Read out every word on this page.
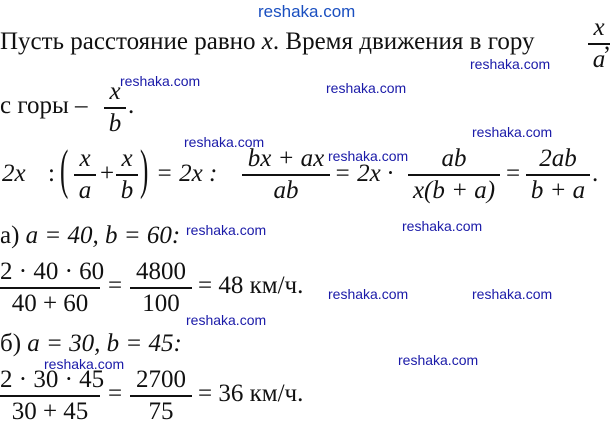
reshaka.com
reshaka.com
reshaka.com	reshaka.com
reshaka.com
reshaka.com
reshaka.com
reshaka.com
reshaka.com
reshaka.com	reshaka.com
reshaka.com
reshaka.com
reshaka.com
Пусть расстояние равно x. Время движения в гору
x
a
,
с горы –
x
b
.
2x : ( x
a
+
x
b ) = 2x :
bx + ax
ab
= 2x ·
ab
x(b + a)
=
2ab
b + a
.
а) a = 40, b = 60:
2 · 40 · 60
40 + 60
=
4800
100
= 48 км/ч.
б) a = 30, b = 45:
2 · 30 · 45
30 + 45
=
2700
75
= 36 км/ч.
